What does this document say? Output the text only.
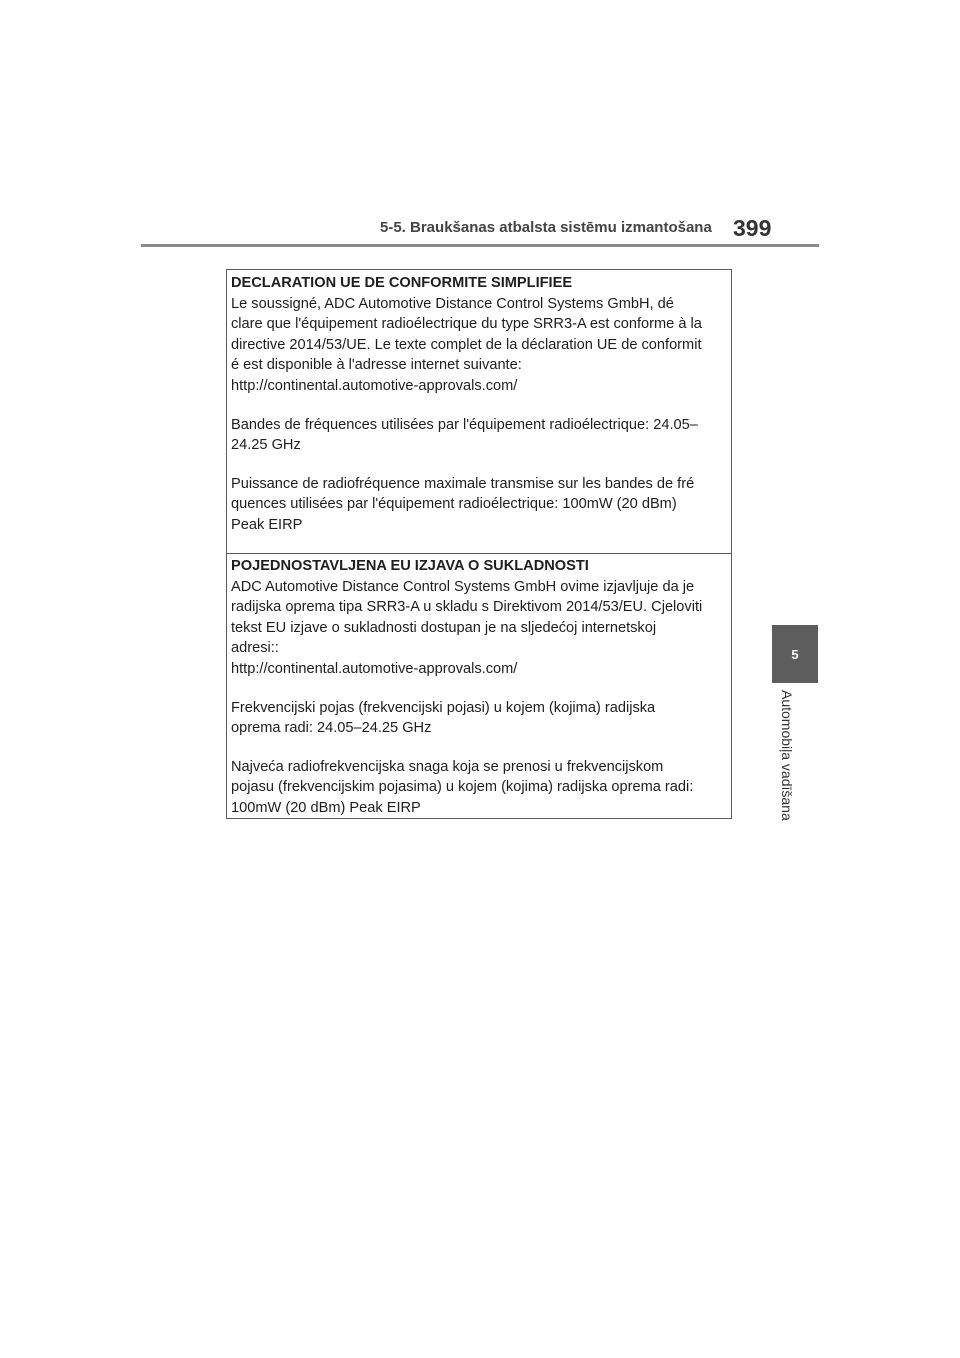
5-5. Braukšanas atbalsta sistēmu izmantošana 399
5
Automobiļa vadīšana
DECLARATION UE DE CONFORMITE SIMPLIFIEE
Le soussigné, ADC Automotive Distance Control Systems GmbH, dé
clare que l'équipement radioélectrique du type SRR3-A est conforme à la
directive 2014/53/UE. Le texte complet de la déclaration UE de conformit
é est disponible à l'adresse internet suivante:
http://continental.automotive-approvals.com/
Bandes de fréquences utilisées par l'équipement radioélectrique: 24.05–
24.25 GHz
Puissance de radiofréquence maximale transmise sur les bandes de fré
quences utilisées par l'équipement radioélectrique: 100mW (20 dBm)
Peak EIRP
POJEDNOSTAVLJENA EU IZJAVA O SUKLADNOSTI
ADC Automotive Distance Control Systems GmbH ovime izjavljuje da je
radijska oprema tipa SRR3-A u skladu s Direktivom 2014/53/EU. Cjeloviti
tekst EU izjave o sukladnosti dostupan je na sljedećoj internetskoj
adresi::
http://continental.automotive-approvals.com/
Frekvencijski pojas (frekvencijski pojasi) u kojem (kojima) radijska
oprema radi: 24.05–24.25 GHz
Najveća radiofrekvencijska snaga koja se prenosi u frekvencijskom
pojasu (frekvencijskim pojasima) u kojem (kojima) radijska oprema radi:
100mW (20 dBm) Peak EIRP
